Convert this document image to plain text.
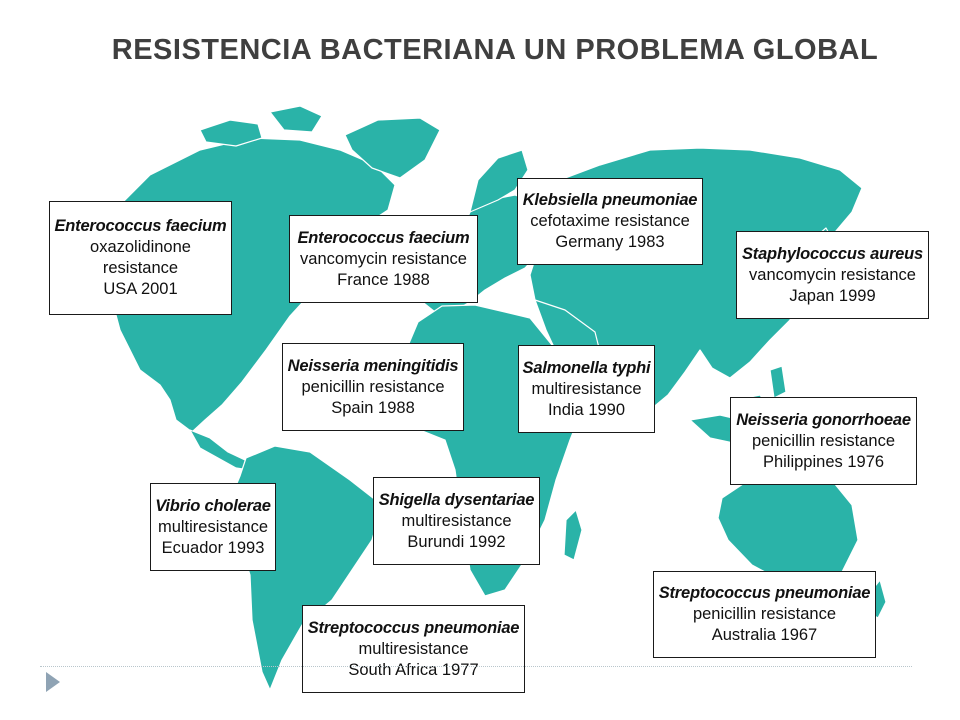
RESISTENCIA BACTERIANA UN PROBLEMA GLOBAL
Enterococcus faecium
oxazolidinone
resistance
USA 2001
Enterococcus faecium
vancomycin resistance
France 1988
Klebsiella pneumoniae
cefotaxime resistance
Germany 1983
Staphylococcus aureus
vancomycin resistance
Japan 1999
Neisseria meningitidis
penicillin resistance
Spain 1988
Salmonella typhi
multiresistance
India 1990
Neisseria gonorrhoeae
penicillin resistance
Philippines 1976
Vibrio cholerae
multiresistance
Ecuador 1993
Shigella dysentariae
multiresistance
Burundi 1992
Streptococcus pneumoniae
penicillin resistance
Australia 1967
Streptococcus pneumoniae
multiresistance
South Africa 1977
